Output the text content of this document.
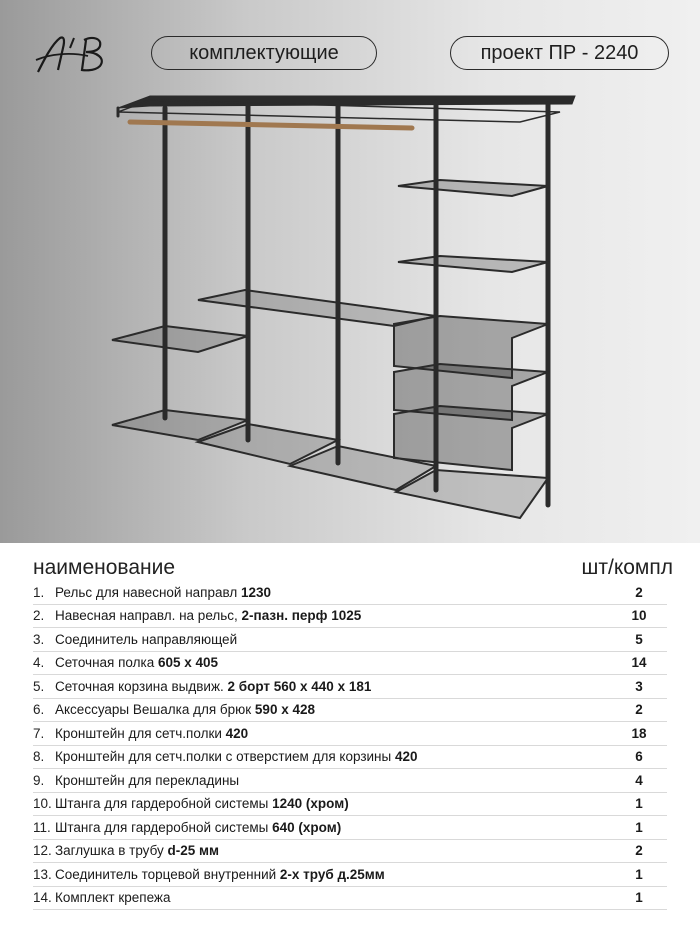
комплектующие	проект ПР - 2240
наименование	шт/компл
1. Рельс для навесной направл 1230	2
2. Навесная направл. на рельс, 2-пазн. перф 1025	10
3. Соединитель направляющей	5
4. Сеточная полка 605 х 405	14
5. Сеточная корзина выдвиж. 2 борт 560 х 440 х 181	3
6. Аксессуары Вешалка для брюк 590 х 428	2
7. Кронштейн для сетч.полки 420	18
8. Кронштейн для сетч.полки с отверстием для корзины 420	6
9. Кронштейн для перекладины	4
10. Штанга для гардеробной системы 1240 (хром)	1
11. Штанга для гардеробной системы 640 (хром)	1
12. Заглушка в трубу d-25 мм	2
13. Соединитель торцевой внутренний 2-х труб д.25мм	1
14. Комплект крепежа	1
